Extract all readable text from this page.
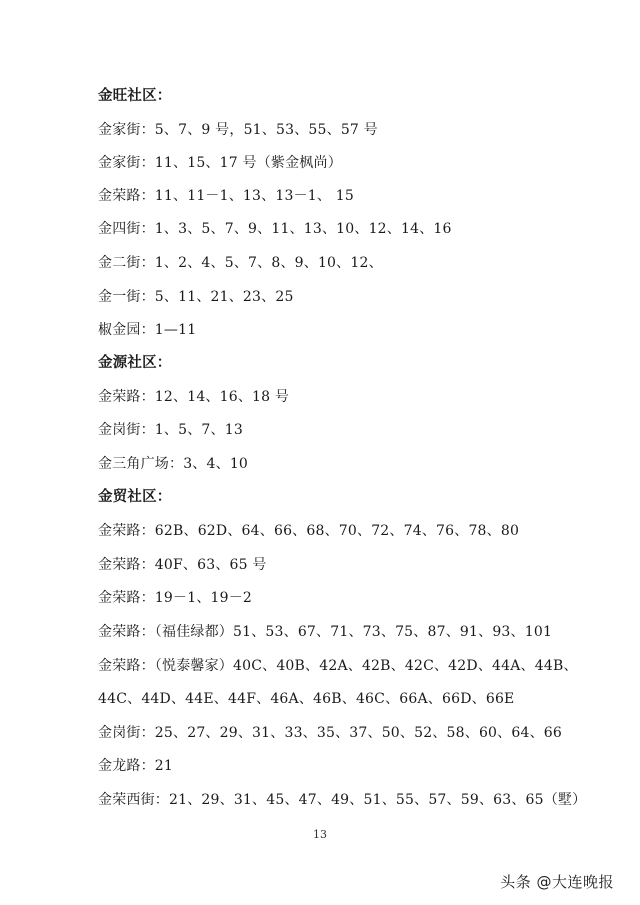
金旺社区：
金家街：5、7、9 号，51、53、55、57 号
金家街：11、15、17 号（紫金枫尚）
金荣路：11、11－1、13、13－1、 15
金四街：1、3、5、7、9、11、13、10、12、14、16
金二街：1、2、4、5、7、8、9、10、12、
金一街：5、11、21、23、25
椒金园：1—11
金源社区：
金荣路：12、14、16、18 号
金岗街：1、5、7、13
金三角广场：3、4、10
金贸社区：
金荣路：62B、62D、64、66、68、70、72、74、76、78、80
金荣路：40F、63、65 号
金荣路：19－1、19－2
金荣路：（福佳绿都）51、53、67、71、73、75、87、91、93、101
金荣路：（悦泰馨家）40C、40B、42A、42B、42C、42D、44A、44B、
44C、44D、44E、44F、46A、46B、46C、66A、66D、66E
金岗街：25、27、29、31、33、35、37、50、52、58、60、64、66
金龙路：21
金荣西街：21、29、31、45、47、49、51、55、57、59、63、65（墅）
13
头条 @大连晚报
